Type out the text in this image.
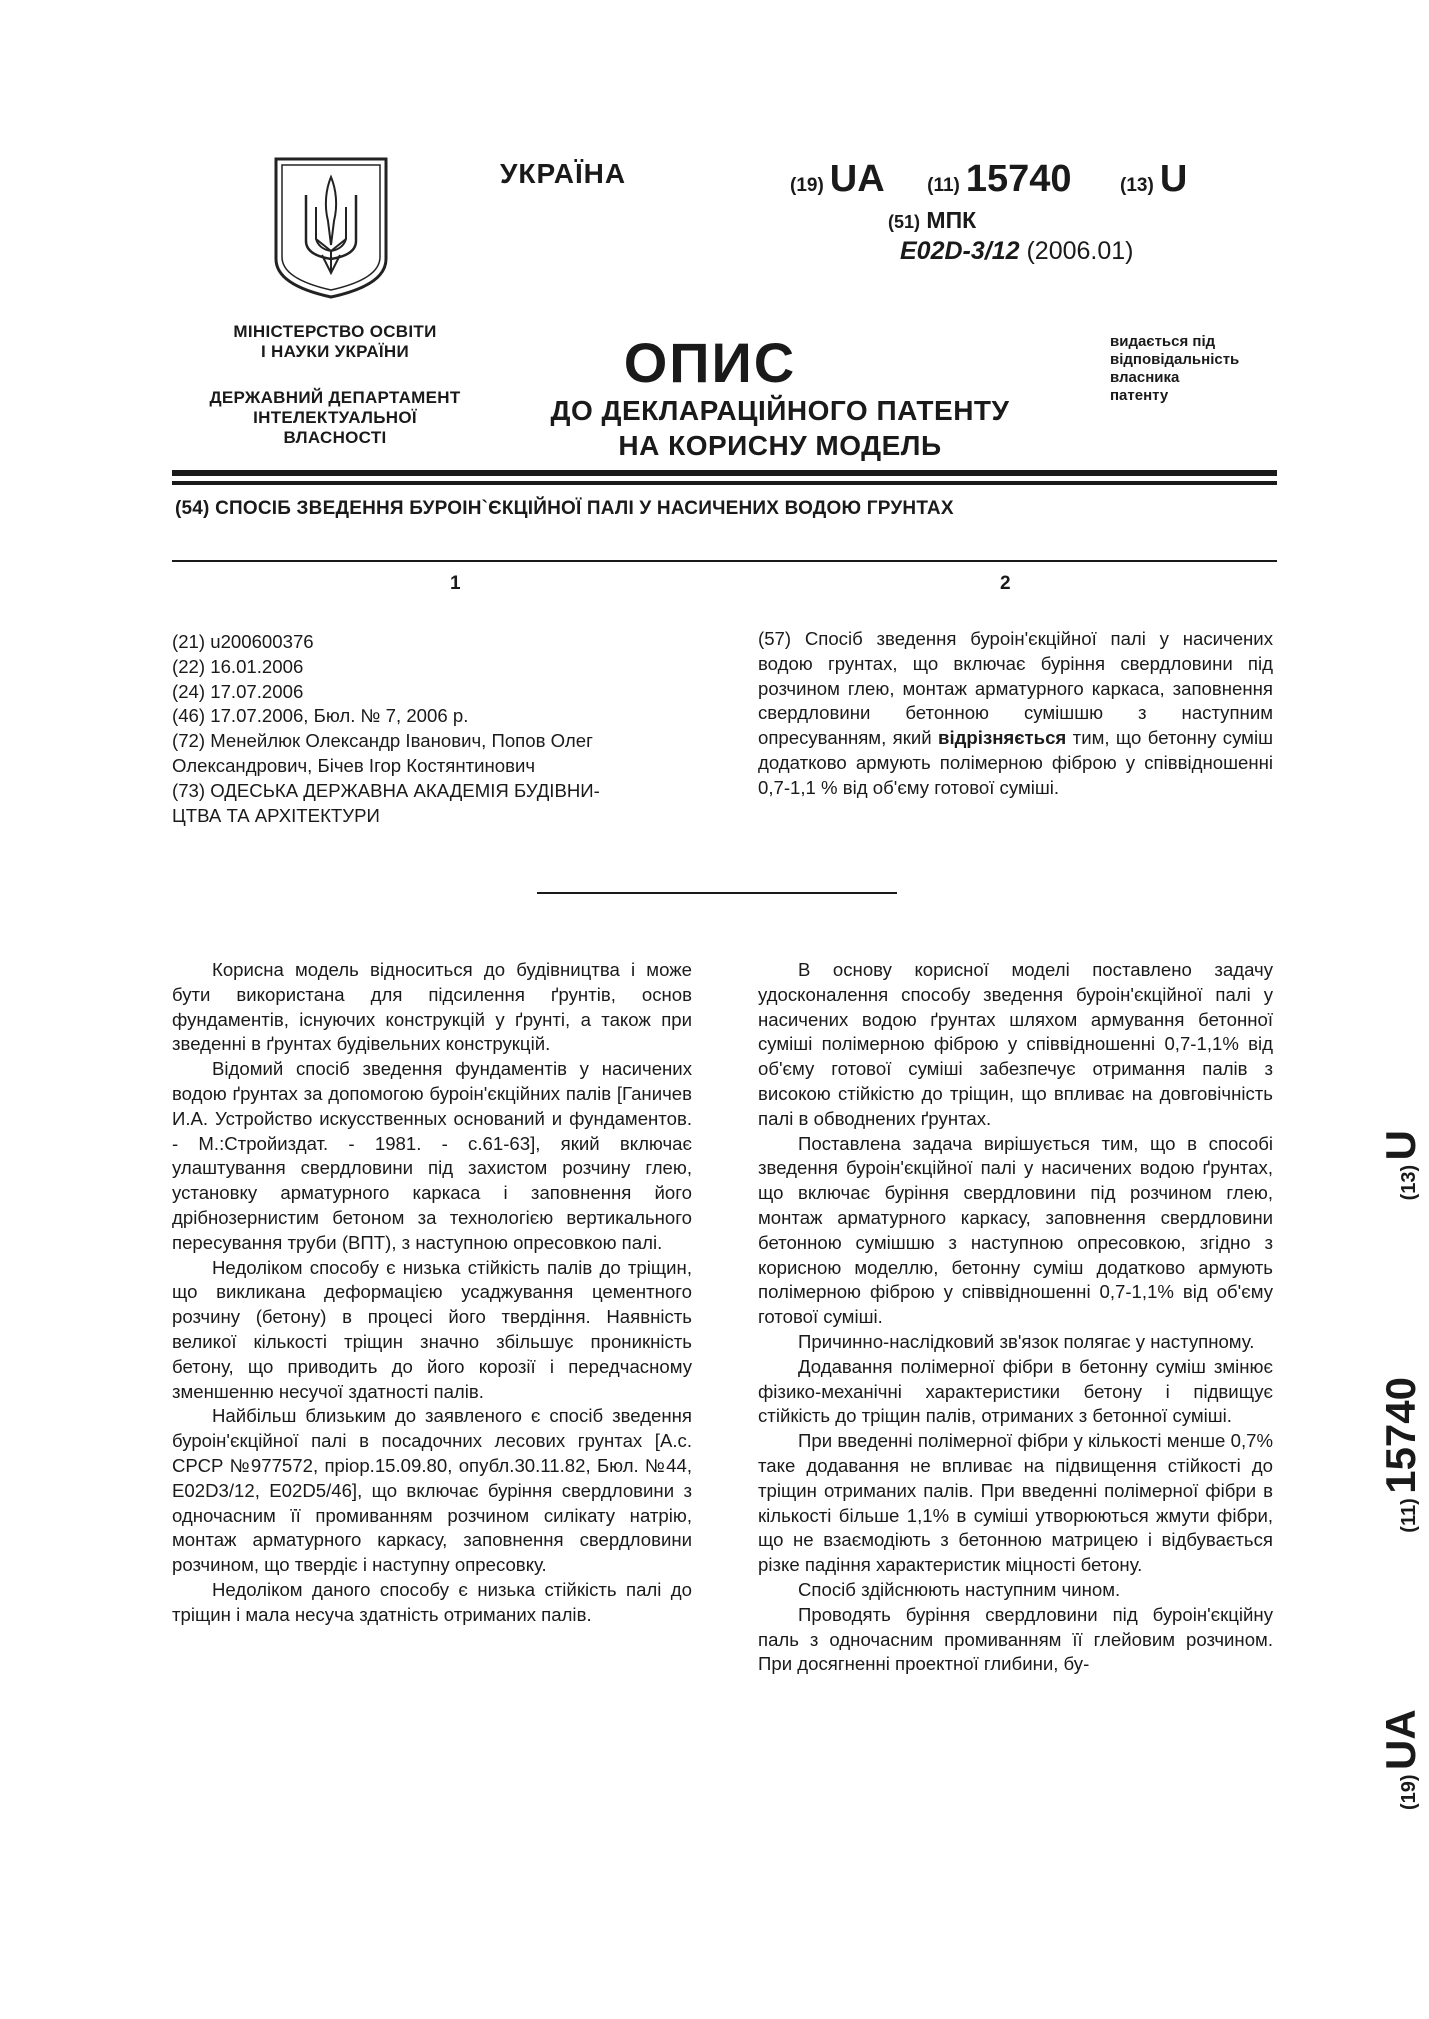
МІНІСТЕРСТВО ОСВІТИ
І НАУКИ УКРАЇНИ
ДЕРЖАВНИЙ ДЕПАРТАМЕНТ
ІНТЕЛЕКТУАЛЬНОЇ
ВЛАСНОСТІ
УКРАЇНА	(19) UA (11) 15740	(13) U
(51) МПК
E02D-3/12 (2006.01)
ОПИС
ДО ДЕКЛАРАЦІЙНОГО ПАТЕНТУ
НА КОРИСНУ МОДЕЛЬ
видається під
відповідальність
власника
патенту
(54) СПОСІБ ЗВЕДЕННЯ БУРОІН`ЄКЦІЙНОЇ ПАЛІ У НАСИЧЕНИХ ВОДОЮ ГРУНТАХ
1	2
(21) u200600376
(22) 16.01.2006
(24) 17.07.2006
(46) 17.07.2006, Бюл. № 7, 2006 р.
(72) Менейлюк Олександр Іванович, Попов Олег
Олександрович, Бічев Ігор Костянтинович
(73) ОДЕСЬКА ДЕРЖАВНА АКАДЕМІЯ БУДІВНИ-
ЦТВА ТА АРХІТЕКТУРИ
(57) Спосіб зведення буроін'єкційної палі у насичених водою грунтах, що включає буріння свердловини під розчином глею, монтаж арматурного каркаса, заповнення свердловини бетонною сумішшю з наступним опресуванням, який відрізняється тим, що бетонну суміш додатково армують полімерною фіброю у співвідношенні 0,7-1,1 % від об'єму готової суміші.

Корисна модель відноситься до будівництва і може бути використана для підсилення ґрунтів, основ фундаментів, існуючих конструкцій у ґрунті, а також при зведенні в ґрунтах будівельних конструкцій.

Відомий спосіб зведення фундаментів у насичених водою ґрунтах за допомогою буроін'єкційних палів [Ганичев И.А. Устройство искусственных оснований и фундаментов. - М.:Стройиздат. - 1981. - с.61-63], який включає улаштування свердловини під захистом розчину глею, установку арматурного каркаса і заповнення його дрібнозернистим бетоном за технологією вертикального пересування труби (ВПТ), з наступною опресовкою палі.

Недоліком способу є низька стійкість палів до тріщин, що викликана деформацією усаджування цементного розчину (бетону) в процесі його твердіння. Наявність великої кількості тріщин значно збільшує проникність бетону, що приводить до його корозії і передчасному зменшенню несучої здатності палів.

Найбільш близьким до заявленого є спосіб зведення буроін'єкційної палі в посадочних лесових грунтах [А.с. СРСР №977572, пріор.15.09.80, опубл.30.11.82, Бюл. №44, E02D3/12, E02D5/46], що включає буріння свердловини з одночасним її промиванням розчином силікату натрію, монтаж арматурного каркасу, заповнення свердловини розчином, що твердіє і наступну опресовку.

Недоліком даного способу є низька стійкість палі до тріщин і мала несуча здатність отриманих палів.

В основу корисної моделі поставлено задачу удосконалення способу зведення буроін'єкційної палі у насичених водою ґрунтах шляхом армування бетонної суміші полімерною фіброю у співвідношенні 0,7-1,1% від об'єму готової суміші забезпечує отримання палів з високою стійкістю до тріщин, що впливає на довговічність палі в обводнених ґрунтах.

Поставлена задача вирішується тим, що в способі зведення буроін'єкційної палі у насичених водою ґрунтах, що включає буріння свердловини під розчином глею, монтаж арматурного каркасу, заповнення свердловини бетонною сумішшю з наступною опресовкою, згідно з корисною моделлю, бетонну суміш додатково армують полімерною фіброю у співвідношенні 0,7-1,1% від об'єму готової суміші.

Причинно-наслідковий зв'язок полягає у наступному.

Додавання полімерної фібри в бетонну суміш змінює фізико-механічні характеристики бетону і підвищує стійкість до тріщин палів, отриманих з бетонної суміші.

При введенні полімерної фібри у кількості менше 0,7% таке додавання не впливає на підвищення стійкості до тріщин отриманих палів. При введенні полімерної фібри в кількості більше 1,1% в суміші утворюються жмути фібри, що не взаємодіють з бетонною матрицею і відбувається різке падіння характеристик міцності бетону.

Спосіб здійснюють наступним чином.

Проводять буріння свердловини під буроін'єкційну паль з одночасним промиванням її глейовим розчином. При досягненні проектної глибини, бу-

(19) UA
(11) 15740
(13) U
